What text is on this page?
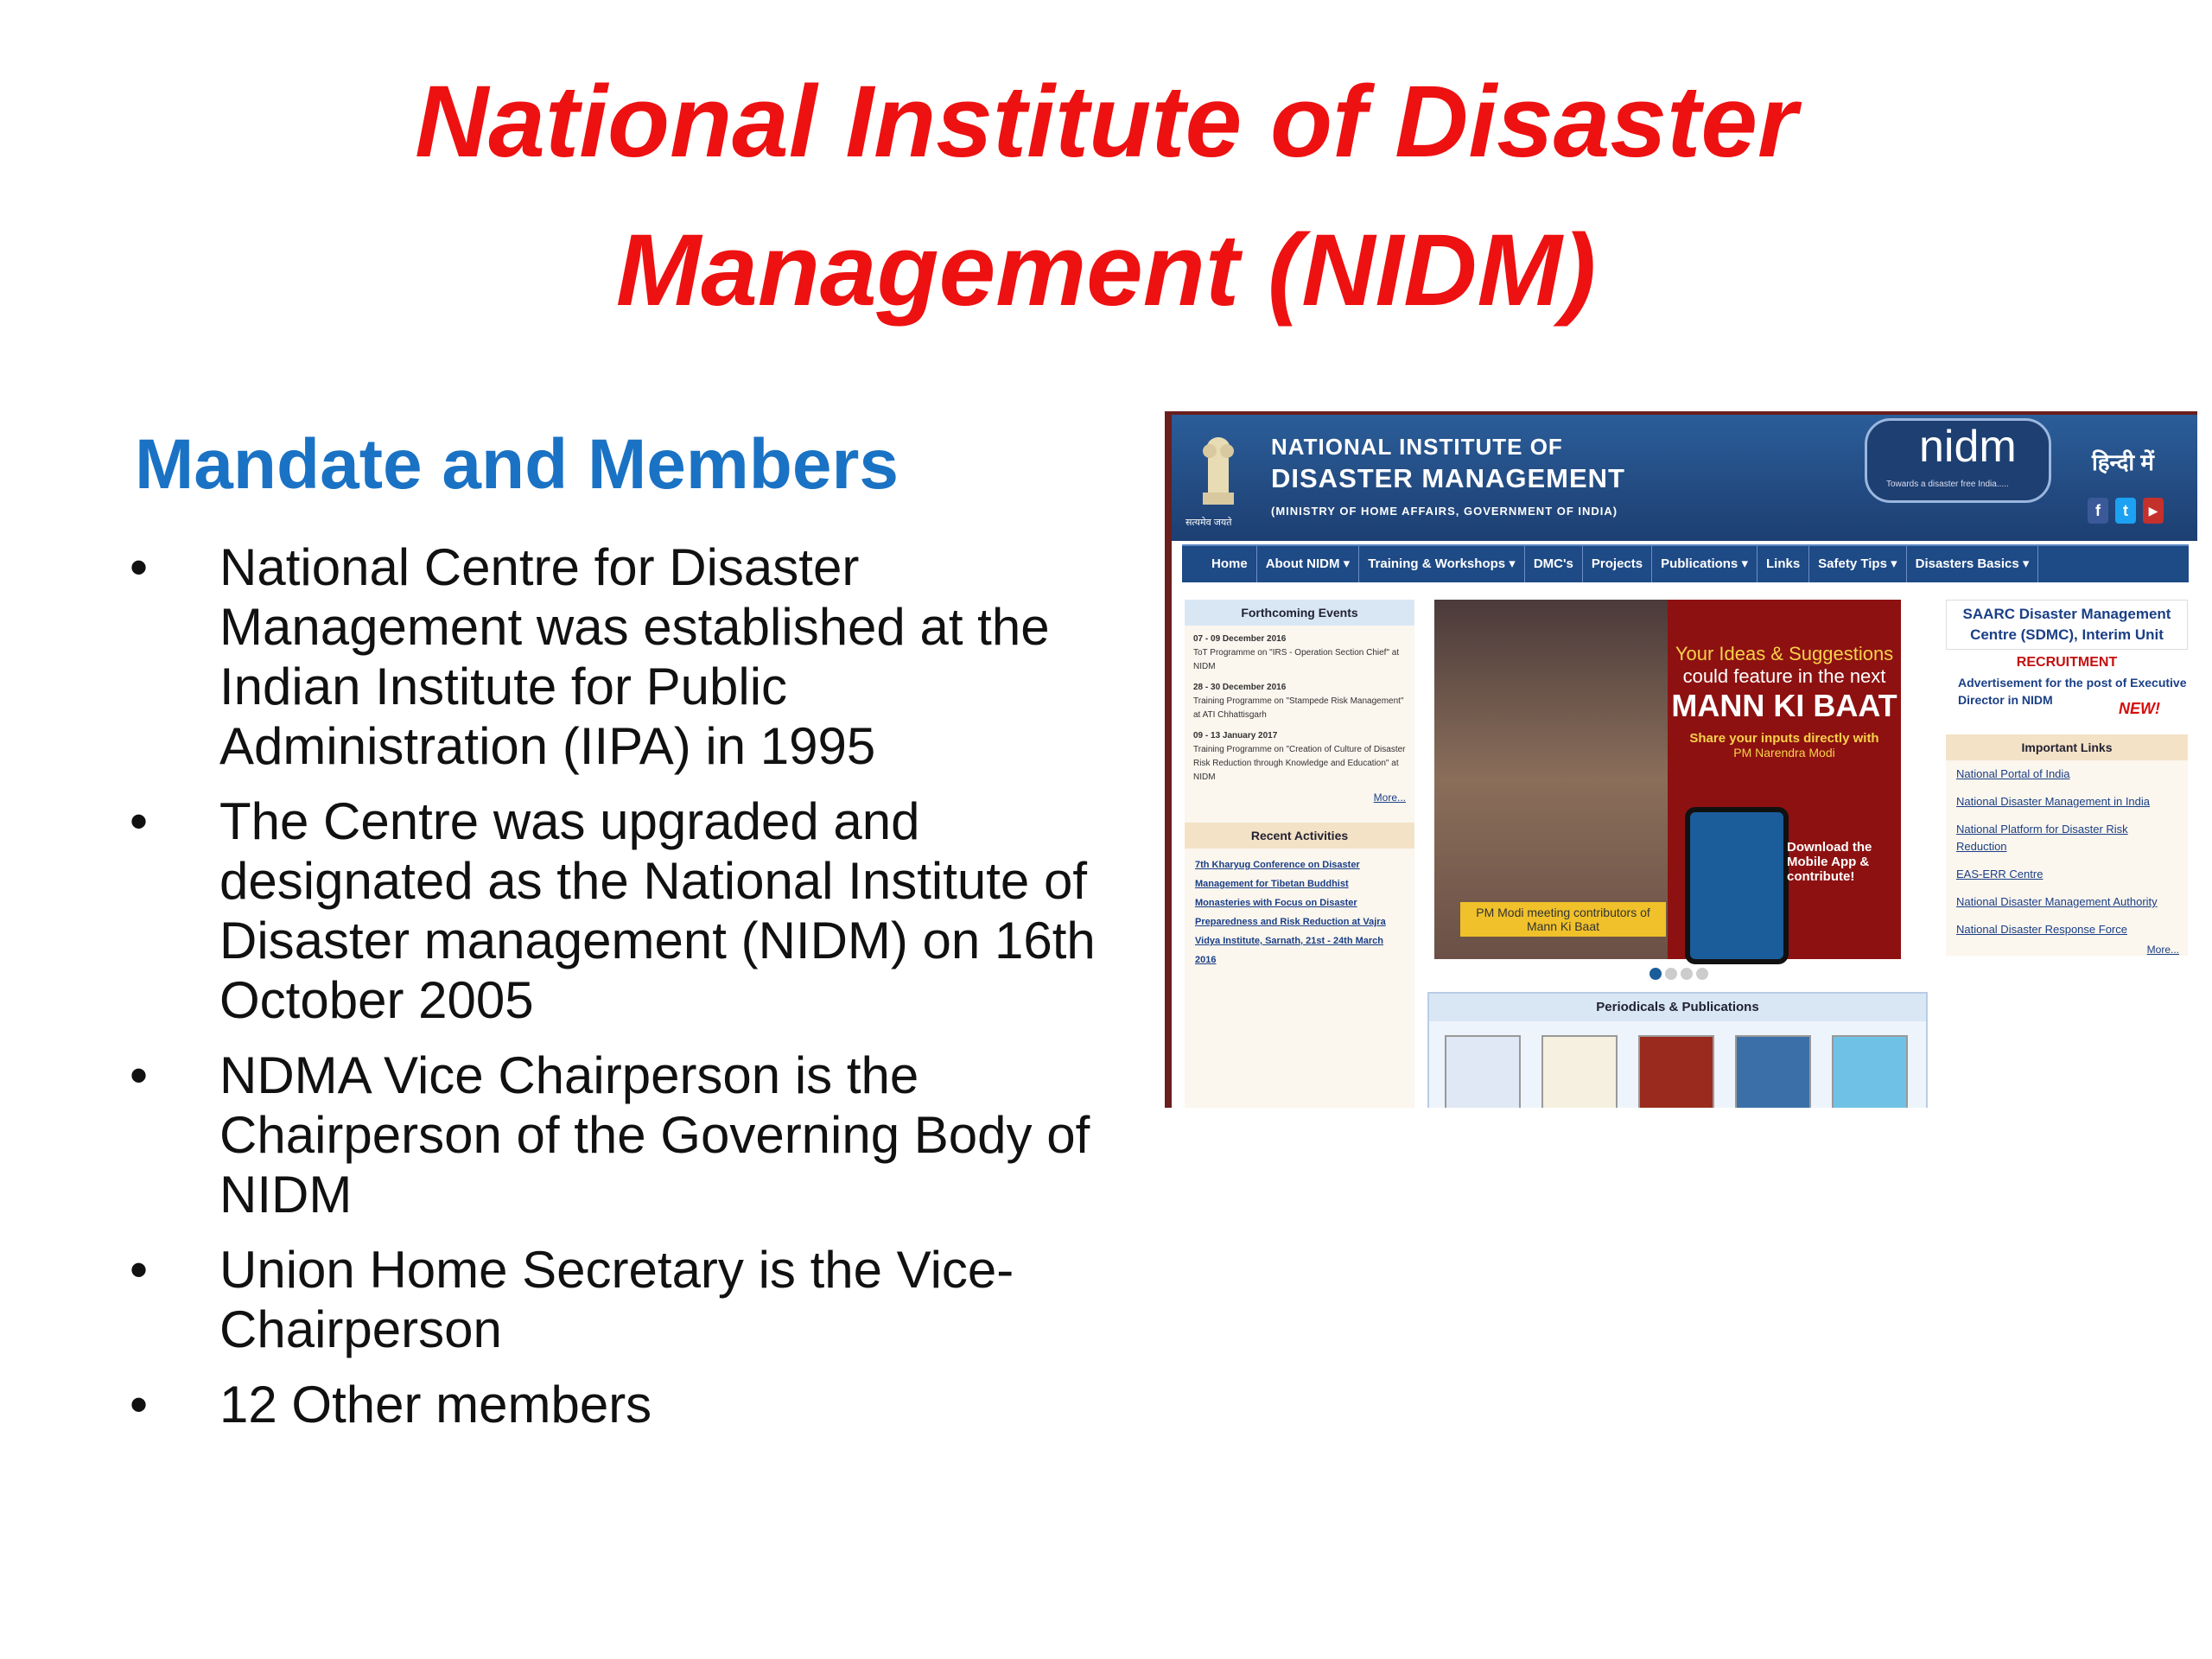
National Institute of Disaster
Management (NIDM)
Mandate and Members
• National Centre for Disaster Management was established at the Indian Institute for Public Administration (IIPA) in 1995
• The Centre was upgraded and designated as the National Institute of Disaster management (NIDM) on 16th October 2005
• NDMA Vice Chairperson is the Chairperson of the Governing Body of NIDM
• Union Home Secretary is the Vice- Chairperson
• 12 Other members
सत्यमेव जयते
NATIONAL INSTITUTE OF
DISASTER MANAGEMENT
(MINISTRY OF HOME AFFAIRS, GOVERNMENT OF INDIA)
nidm
Towards a disaster free India.....
हिन्दी में
f	t	▶
Home About NIDM ▾ Training & Workshops ▾ DMC's Projects Publications ▾ Links Safety Tips ▾ Disasters Basics ▾
Forthcoming Events
07 - 09 December 2016
ToT Programme on "IRS - Operation Section Chief" at NIDM
28 - 30 December 2016
Training Programme on "Stampede Risk Management" at ATI Chhattisgarh
09 - 13 January 2017
Training Programme on "Creation of Culture of Disaster Risk Reduction through Knowledge and Education" at NIDM
More...
Recent Activities
7th Kharyug Conference on Disaster Management for Tibetan Buddhist Monasteries with Focus on Disaster Preparedness and Risk Reduction at Vajra Vidya Institute, Sarnath, 21st - 24th March 2016
PM Modi meeting contributors of Mann Ki Baat
Your Ideas & Suggestions
could feature in the next
MANN KI BAAT
Share your inputs directly with
PM Narendra Modi
Download the Mobile App & contribute!
Periodicals & Publications
SAARC Disaster Management Centre (SDMC), Interim Unit
RECRUITMENT
Advertisement for the post of Executive Director in NIDM	NEW!
Important Links
National Portal of India
National Disaster Management in India
National Platform for Disaster Risk Reduction
EAS-ERR Centre
National Disaster Management Authority
National Disaster Response Force
More...
